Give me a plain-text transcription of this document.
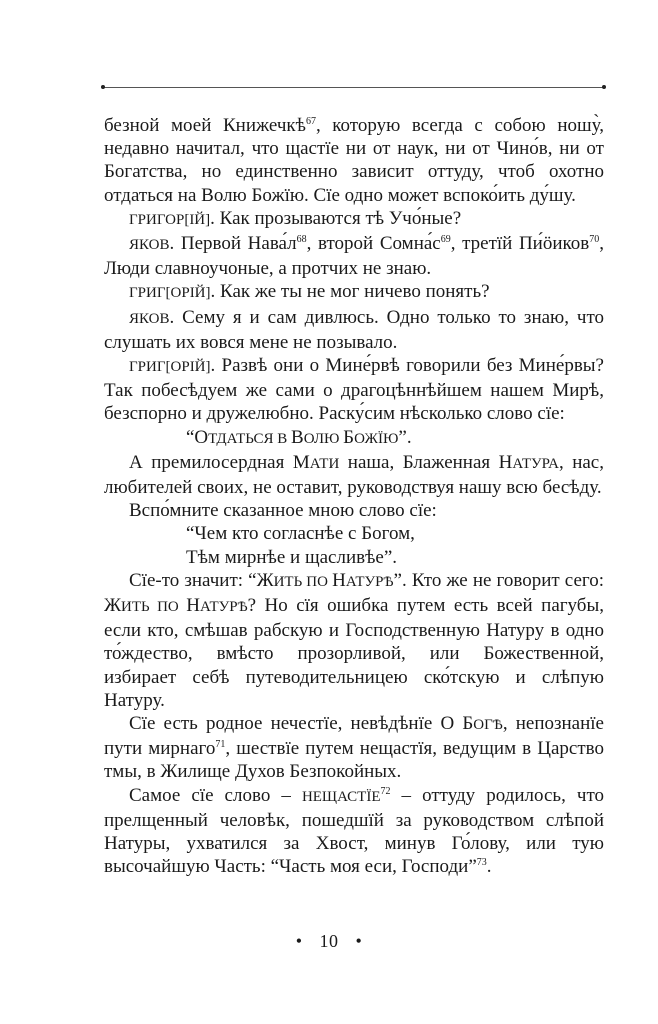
безной моей Книжечкѣ$^{67}$, которую всегда с собою ношу̀, недавно начитал, что щастїе ни от наук, ни от Чино́в, ни от Богатства, но единственно зависит оттуду, чтоб охотно отдаться на Волю Божїю. Сїе одно может вспоко́ить ду́шу.

ГРИГОР[ІЙ]. Как прозываются тѣ Учо́ные?

ЯКОВ. Первой $Нава́л^{68}$, второй $Сомна́с^{69}$, третїй Пи́ӧиков$^{70}$, Люди славноучоные, а протчих не знаю.

ГРИГ[ОРІЙ]. Как же ты не мог ничево понять?

ЯКОВ. Сему я и сам дивлюсь. Одно только то знаю, что слушать их вовся мене не позывало.

ГРИГ[ОРІЙ]. Развѣ они о Мине́рвѣ говорили без Мине́рвы? Так побесѣдуем же сами о драгоцѣннѣйшем нашем Мирѣ, безспорно и дружелюбно. Раску́сим нѣсколько слово сїе:

“ОТДАТЬСЯ В ВОЛЮ БОЖЇЮ”.

А премилосердная МАТИ наша, Блаженная НАТУРА, нас, любителей своих, не оставит, руководствуя нашу всю бесѣду.

Вспо́мните сказанное мною слово сїе:

“Чем кто согласнѣе с Богом,

Тѣм мирнѣе и щасливѣе”.

Сїе-то значит: “ЖИТЬ ПО НАТУРѢ”. Кто же не говорит сего: ЖИТЬ ПО НАТУРѢ? Но сїя ошибка путем есть всей пагубы, если кто, смѣшав рабскую и Господственную Натуру в одно то́ждество, вмѣсто прозорливой, или Божественной, избирает себѣ путеводительницею ско́тскую и слѣпую Натуру.

Сїе есть родное нечестїе, невѣдѣнїе О БОГѢ, непознанїе пути мирнаго$^{71}$, шествїе путем нещастїя, ведущим в Царство тмы, в Жилище Духов Безпокойных.

Самое сїе слово – НЕЩАСТЇЕ$^{72}$ – оттуду родилось, что прелщенный человѣк, пошедшїй за руководством слѣпой Натуры, ухватился за Хвост, минув Го́лову, или тую высочайшую Часть: “Часть моя еси, Господи”$^{73}$.

• 10 •
